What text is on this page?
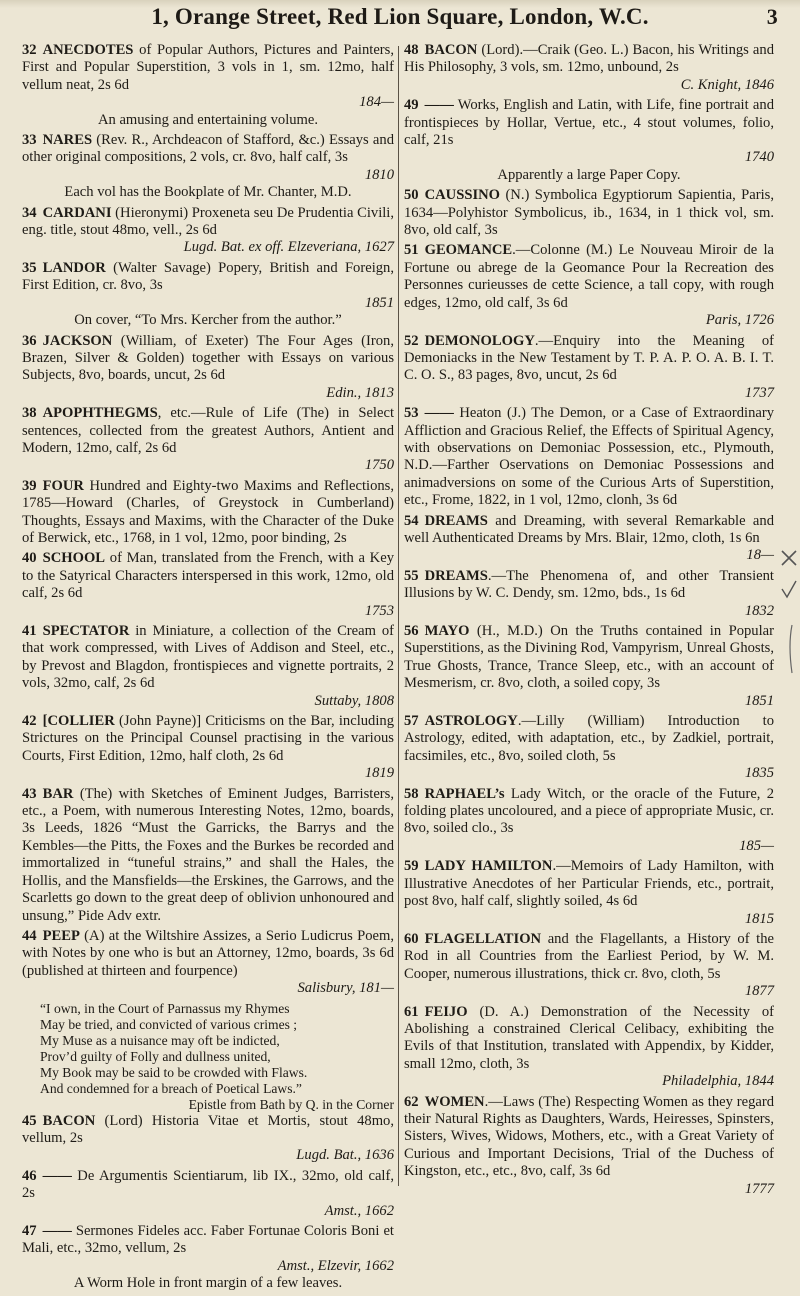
1, Orange Street, Red Lion Square, London, W.C.	3
32 ANECDOTES of Popular Authors, Pictures and Painters, First and Popular Superstition, 3 vols in 1, sm. 12mo, half vellum neat, 2s 6d
184—
An amusing and entertaining volume.
33 NARES (Rev. R., Archdeacon of Stafford, &c.) Essays and other original compositions, 2 vols, cr. 8vo, half calf, 3s
1810
Each vol has the Bookplate of Mr. Chanter, M.D.
34 CARDANI (Hieronymi) Proxeneta seu De Prudentia Civili, eng. title, stout 48mo, vell., 2s 6d
Lugd. Bat. ex off. Elzeveriana, 1627
35 LANDOR (Walter Savage) Popery, British and Foreign, First Edition, cr. 8vo, 3s
1851
On cover, “To Mrs. Kercher from the author.”
36 JACKSON (William, of Exeter) The Four Ages (Iron, Brazen, Silver & Golden) together with Essays on various Subjects, 8vo, boards, uncut, 2s 6d
Edin., 1813
38 APOPHTHEGMS, etc.—Rule of Life (The) in Select sentences, collected from the greatest Authors, Antient and Modern, 12mo, calf, 2s 6d
1750
39 FOUR Hundred and Eighty-two Maxims and Reflections, 1785—Howard (Charles, of Greystock in Cumberland) Thoughts, Essays and Maxims, with the Character of the Duke of Berwick, etc., 1768, in 1 vol, 12mo, poor binding, 2s
40 SCHOOL of Man, translated from the French, with a Key to the Satyrical Characters interspersed in this work, 12mo, old calf, 2s 6d
1753
41 SPECTATOR in Miniature, a collection of the Cream of that work compressed, with Lives of Addison and Steel, etc., by Prevost and Blagdon, frontispieces and vignette portraits, 2 vols, 32mo, calf, 2s 6d
Suttaby, 1808
42 [COLLIER (John Payne)] Criticisms on the Bar, including Strictures on the Principal Counsel practising in the various Courts, First Edition, 12mo, half cloth, 2s 6d
1819
43 BAR (The) with Sketches of Eminent Judges, Barristers, etc., a Poem, with numerous Interesting Notes, 12mo, boards, 3s Leeds, 1826 “Must the Garricks, the Barrys and the Kembles—the Pitts, the Foxes and the Burkes be recorded and immortalized in “tuneful strains,” and shall the Hales, the Hollis, and the Mansfields—the Erskines, the Garrows, and the Scarletts go down to the great deep of oblivion unhonoured and unsung,” Pide Adv extr.
44 PEEP (A) at the Wiltshire Assizes, a Serio Ludicrus Poem, with Notes by one who is but an Attorney, 12mo, boards, 3s 6d (published at thirteen and fourpence)
Salisbury, 181—
“I own, in the Court of Parnassus my Rhymes
May be tried, and convicted of various crimes ;
My Muse as a nuisance may oft be indicted,
Prov’d guilty of Folly and dullness united,
My Book may be said to be crowded with Flaws.
And condemned for a breach of Poetical Laws.”
Epistle from Bath by Q. in the Corner
45 BACON (Lord) Historia Vitae et Mortis, stout 48mo, vellum, 2s
Lugd. Bat., 1636
46 —— De Argumentis Scientiarum, lib IX., 32mo, old calf, 2s
Amst., 1662
47 —— Sermones Fideles acc. Faber Fortunae Coloris Boni et Mali, etc., 32mo, vellum, 2s
Amst., Elzevir, 1662
A Worm Hole in front margin of a few leaves.
48 BACON (Lord).—Craik (Geo. L.) Bacon, his Writings and His Philosophy, 3 vols, sm. 12mo, unbound, 2s
C. Knight, 1846
49 —— Works, English and Latin, with Life, fine portrait and frontispieces by Hollar, Vertue, etc., 4 stout volumes, folio, calf, 21s
1740
Apparently a large Paper Copy.
50 CAUSSINO (N.) Symbolica Egyptiorum Sapientia, Paris, 1634—Polyhistor Symbolicus, ib., 1634, in 1 thick vol, sm. 8vo, old calf, 3s
51 GEOMANCE.—Colonne (M.) Le Nouveau Miroir de la Fortune ou abrege de la Geomance Pour la Recreation des Personnes curieusses de cette Science, a tall copy, with rough edges, 12mo, old calf, 3s 6d
Paris, 1726
52 DEMONOLOGY.—Enquiry into the Meaning of Demoniacks in the New Testament by T. P. A. P. O. A. B. I. T. C. O. S., 83 pages, 8vo, uncut, 2s 6d
1737
53 —— Heaton (J.) The Demon, or a Case of Extraordinary Affliction and Gracious Relief, the Effects of Spiritual Agency, with observations on Demoniac Possession, etc., Plymouth, N.D.—Farther Oservations on Demoniac Possessions and animadversions on some of the Curious Arts of Superstition, etc., Frome, 1822, in 1 vol, 12mo, clonh, 3s 6d
54 DREAMS and Dreaming, with several Remarkable and well Authenticated Dreams by Mrs. Blair, 12mo, cloth, 1s 6n
18—
55 DREAMS.—The Phenomena of, and other Transient Illusions by W. C. Dendy, sm. 12mo, bds., 1s 6d
1832
56 MAYO (H., M.D.) On the Truths contained in Popular Superstitions, as the Divining Rod, Vampyrism, Unreal Ghosts, True Ghosts, Trance, Trance Sleep, etc., with an account of Mesmerism, cr. 8vo, cloth, a soiled copy, 3s
1851
57 ASTROLOGY.—Lilly (William) Introduction to Astrology, edited, with adaptation, etc., by Zadkiel, portrait, facsimiles, etc., 8vo, soiled cloth, 5s
1835
58 RAPHAEL’s Lady Witch, or the oracle of the Future, 2 folding plates uncoloured, and a piece of appropriate Music, cr. 8vo, soiled clo., 3s
185—
59 LADY HAMILTON.—Memoirs of Lady Hamilton, with Illustrative Anecdotes of her Particular Friends, etc., portrait, post 8vo, half calf, slightly soiled, 4s 6d
1815
60 FLAGELLATION and the Flagellants, a History of the Rod in all Countries from the Earliest Period, by W. M. Cooper, numerous illustrations, thick cr. 8vo, cloth, 5s
1877
61 FEIJO (D. A.) Demonstration of the Necessity of Abolishing a constrained Clerical Celibacy, exhibiting the Evils of that Institution, translated with Appendix, by Kidder, small 12mo, cloth, 3s
Philadelphia, 1844
62 WOMEN.—Laws (The) Respecting Women as they regard their Natural Rights as Daughters, Wards, Heiresses, Spinsters, Sisters, Wives, Widows, Mothers, etc., with a Great Variety of Curious and Important Decisions, Trial of the Duchess of Kingston, etc., etc., 8vo, calf, 3s 6d
1777
